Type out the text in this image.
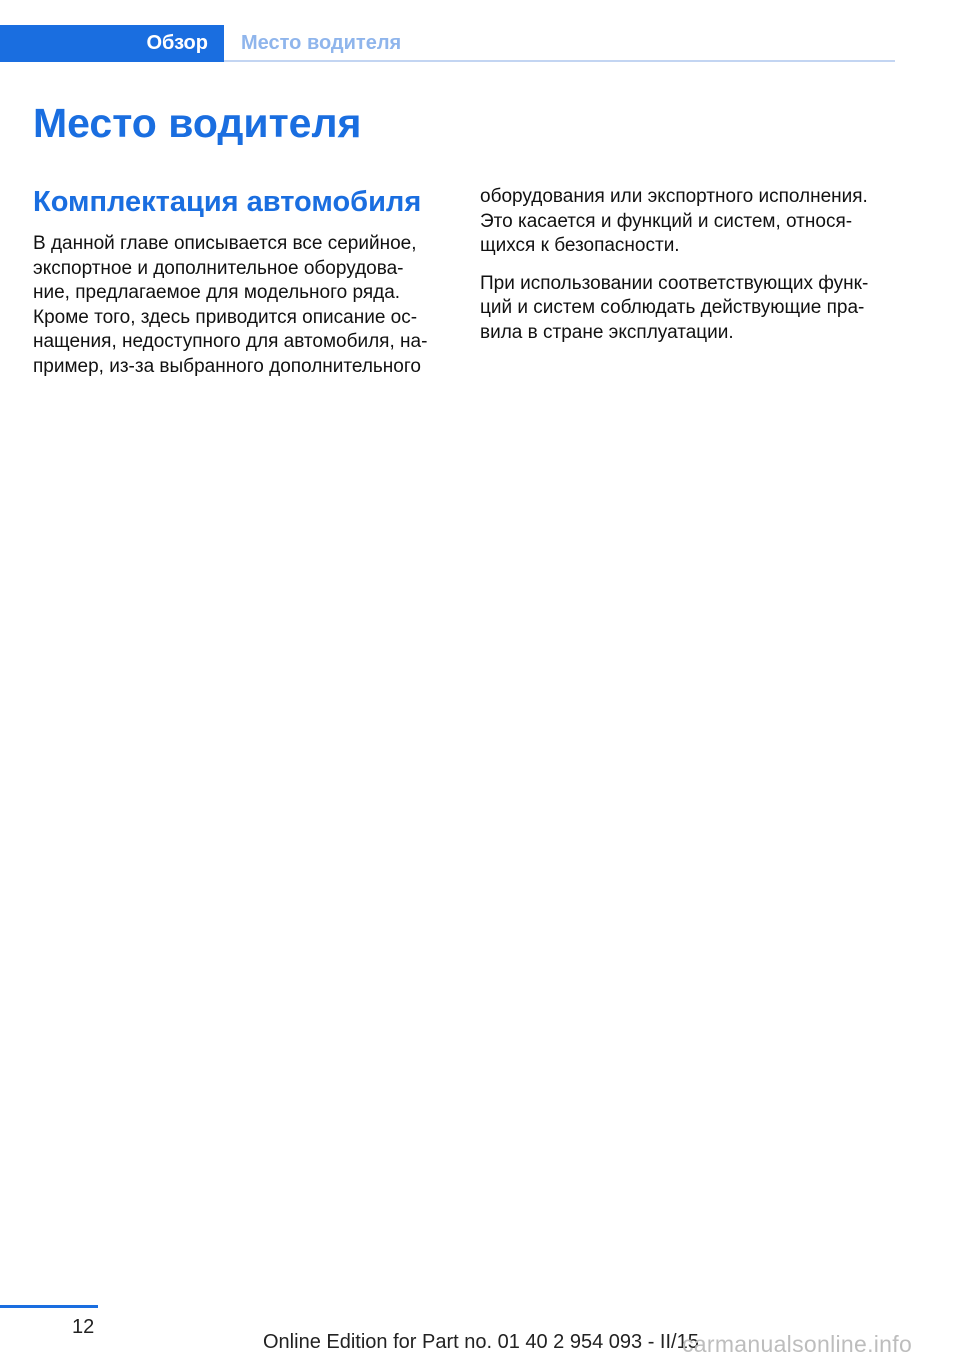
Обзор	Место водителя
Место водителя
Комплектация автомобиля
В данной главе описывается все серийное,
экспортное и дополнительное оборудова‐
ние, предлагаемое для модельного ряда.
Кроме того, здесь приводится описание ос‐
нащения, недоступного для автомобиля, на‐
пример, из-за выбранного дополнительного
оборудования или экспортного исполнения.
Это касается и функций и систем, относя‐
щихся к безопасности.
При использовании соответствующих функ‐
ций и систем соблюдать действующие пра‐
вила в стране эксплуатации.
12
Online Edition for Part no. 01 40 2 954 093 - II/15
carmanualsonline.info
